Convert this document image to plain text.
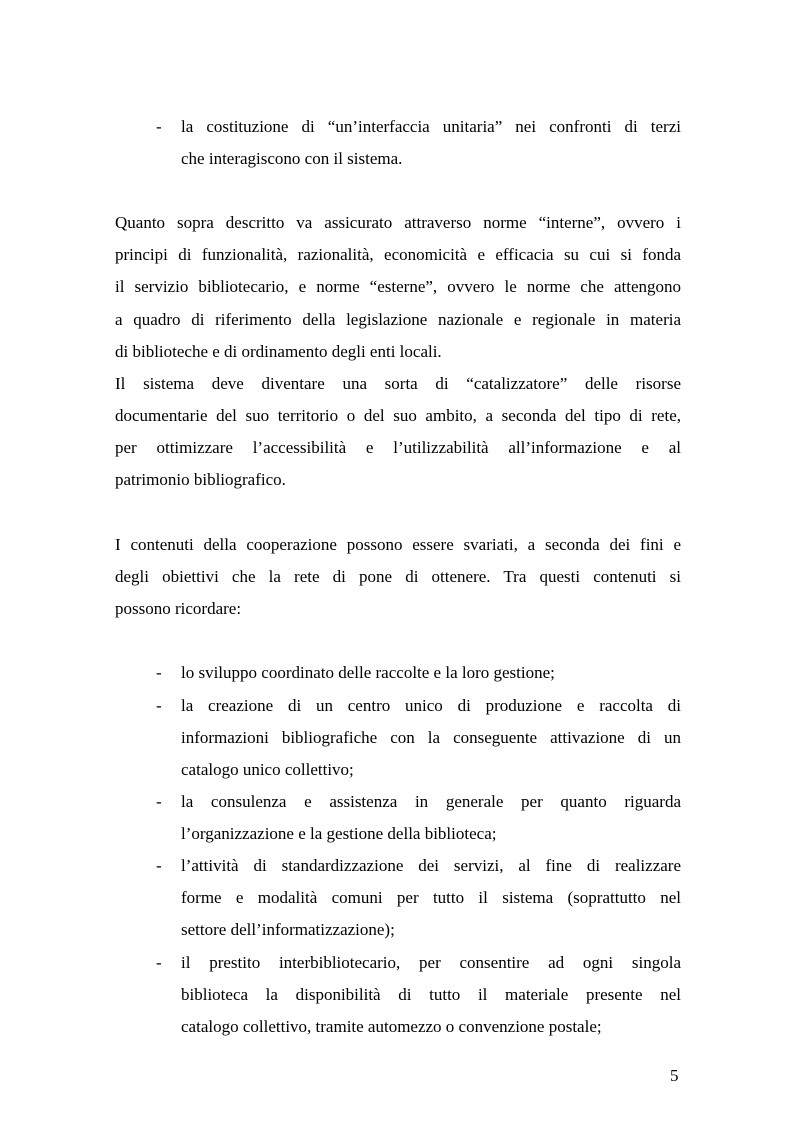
- la costituzione di “un’interfaccia unitaria” nei confronti di terzi

che interagiscono con il sistema.

Quanto sopra descritto va assicurato attraverso norme “interne”, ovvero i

principi di funzionalità, razionalità, economicità e efficacia su cui si fonda

il servizio bibliotecario, e norme “esterne”, ovvero le norme che attengono

a quadro di riferimento della legislazione nazionale e regionale in materia

di biblioteche e di ordinamento degli enti locali.

Il sistema deve diventare una sorta di “catalizzatore” delle risorse

documentarie del suo territorio o del suo ambito, a seconda del tipo di rete,

per ottimizzare l’accessibilità e l’utilizzabilità all’informazione e al

patrimonio bibliografico.

I contenuti della cooperazione possono essere svariati, a seconda dei fini e

degli obiettivi che la rete di pone di ottenere. Tra questi contenuti si

possono ricordare:

- lo sviluppo coordinato delle raccolte e la loro gestione;

- la creazione di un centro unico di produzione e raccolta di

informazioni bibliografiche con la conseguente attivazione di un

catalogo unico collettivo;

- la consulenza e assistenza in generale per quanto riguarda

l’organizzazione e la gestione della biblioteca;

- l’attività di standardizzazione dei servizi, al fine di realizzare

forme e modalità comuni per tutto il sistema (soprattutto nel

settore dell’informatizzazione);

- il prestito interbibliotecario, per consentire ad ogni singola

biblioteca la disponibilità di tutto il materiale presente nel

catalogo collettivo, tramite automezzo o convenzione postale;

5
